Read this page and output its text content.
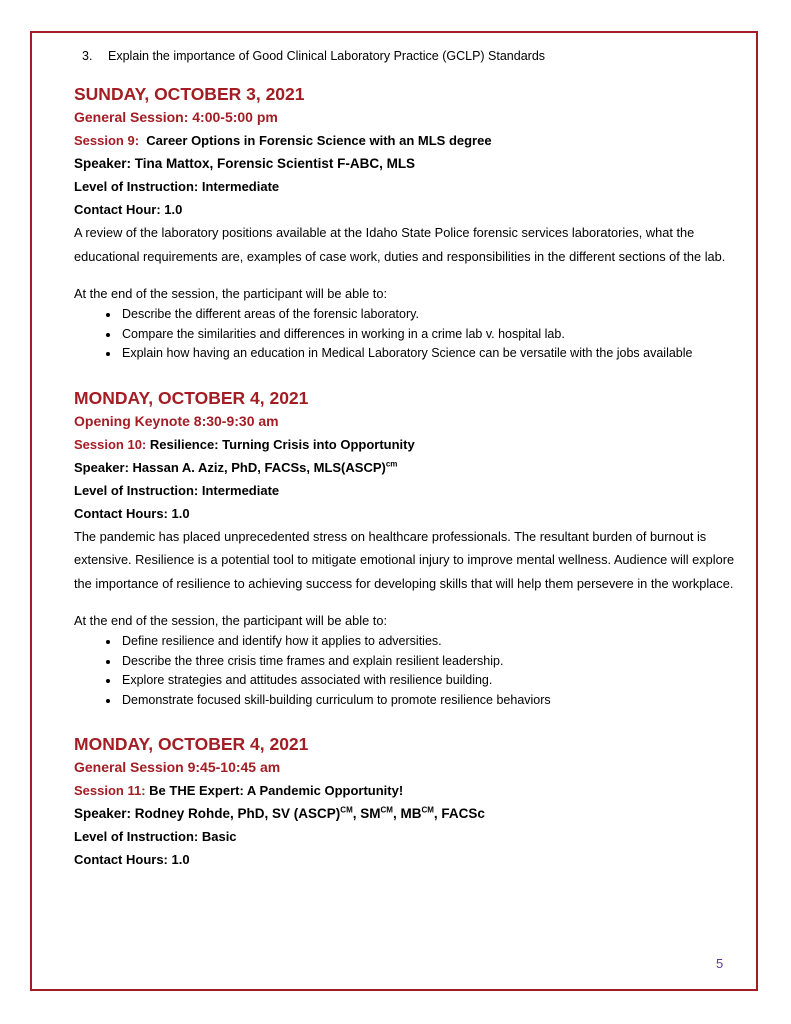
3. Explain the importance of Good Clinical Laboratory Practice (GCLP) Standards
SUNDAY, OCTOBER 3, 2021
General Session: 4:00-5:00 pm
Session 9: Career Options in Forensic Science with an MLS degree
Speaker: Tina Mattox, Forensic Scientist F-ABC, MLS
Level of Instruction: Intermediate
Contact Hour: 1.0
A review of the laboratory positions available at the Idaho State Police forensic services laboratories, what the educational requirements are, examples of case work, duties and responsibilities in the different sections of the lab.
At the end of the session, the participant will be able to:
• Describe the different areas of the forensic laboratory.
• Compare the similarities and differences in working in a crime lab v. hospital lab.
• Explain how having an education in Medical Laboratory Science can be versatile with the jobs available
MONDAY, OCTOBER 4, 2021
Opening Keynote 8:30-9:30 am
Session 10: Resilience: Turning Crisis into Opportunity
Speaker: Hassan A. Aziz, PhD, FACSs, MLS(ASCP)$^{cm}$
Level of Instruction: Intermediate
Contact Hours: 1.0
The pandemic has placed unprecedented stress on healthcare professionals. The resultant burden of burnout is extensive. Resilience is a potential tool to mitigate emotional injury to improve mental wellness. Audience will explore the importance of resilience to achieving success for developing skills that will help them persevere in the workplace.
At the end of the session, the participant will be able to:
• Define resilience and identify how it applies to adversities.
• Describe the three crisis time frames and explain resilient leadership.
• Explore strategies and attitudes associated with resilience building.
• Demonstrate focused skill-building curriculum to promote resilience behaviors
MONDAY, OCTOBER 4, 2021
General Session 9:45-10:45 am
Session 11: Be THE Expert: A Pandemic Opportunity!
Speaker: Rodney Rohde, PhD, SV (ASCP)$^{CM}$, $SM^{CM}$, $MB^{CM}$, FACSc
Level of Instruction: Basic
Contact Hours: 1.0
5
